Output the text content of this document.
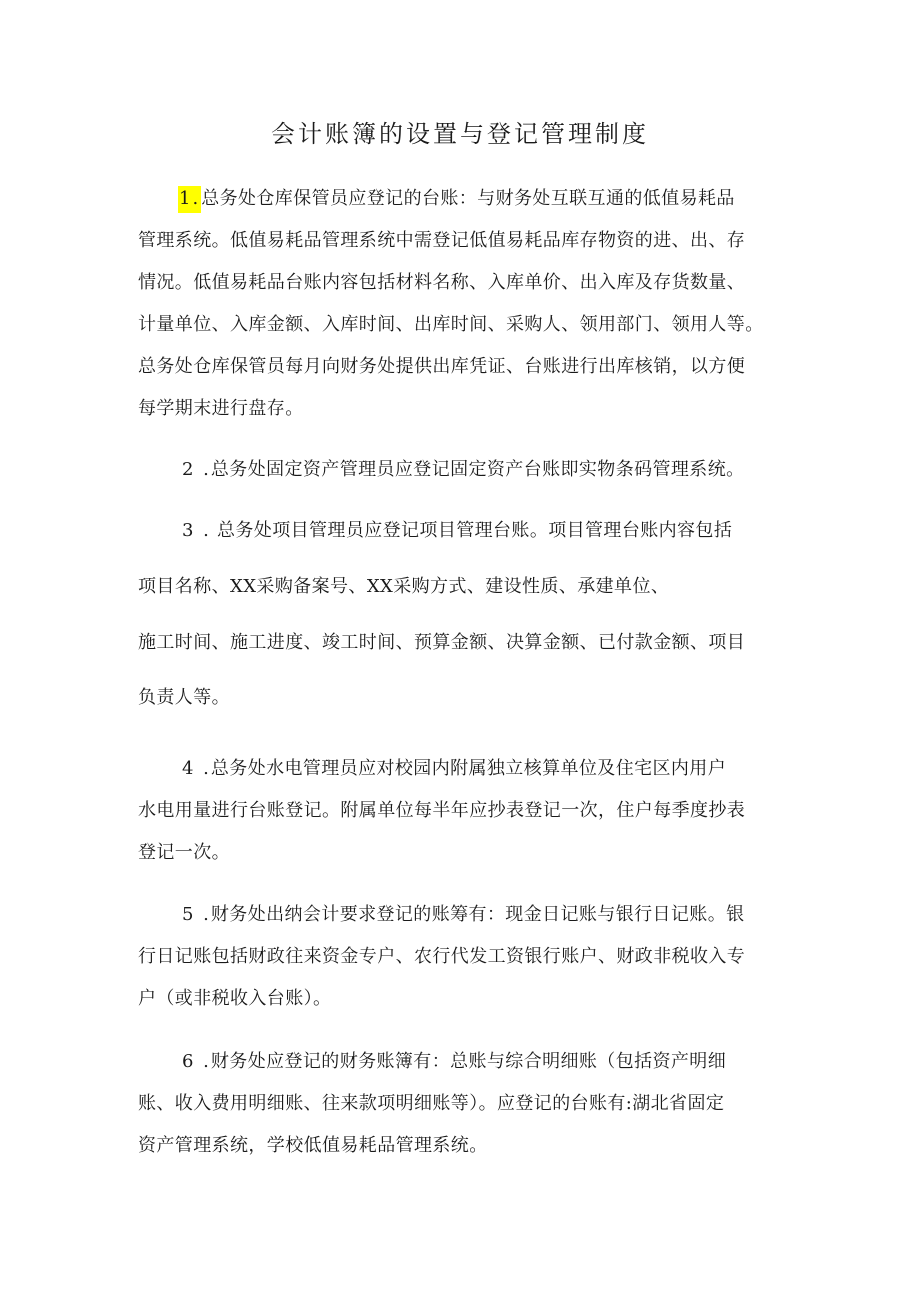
会计账簿的设置与登记管理制度
1.总务处仓库保管员应登记的台账：与财务处互联互通的低值易耗品
管理系统。低值易耗品管理系统中需登记低值易耗品库存物资的进、出、存
情况。低值易耗品台账内容包括材料名称、入库单价、出入库及存货数量、
计量单位、入库金额、入库时间、出库时间、采购人、领用部门、领用人等。
总务处仓库保管员每月向财务处提供出库凭证、台账进行出库核销，以方便
每学期末进行盘存。
2 .总务处固定资产管理员应登记固定资产台账即实物条码管理系统。
3 . 总务处项目管理员应登记项目管理台账。项目管理台账内容包括
项目名称、XX采购备案号、XX采购方式、建设性质、承建单位、
施工时间、施工进度、竣工时间、预算金额、决算金额、已付款金额、项目
负责人等。
4 .总务处水电管理员应对校园内附属独立核算单位及住宅区内用户
水电用量进行台账登记。附属单位每半年应抄表登记一次，住户每季度抄表
登记一次。
5 .财务处出纳会计要求登记的账筹有：现金日记账与银行日记账。银
行日记账包括财政往来资金专户、农行代发工资银行账户、财政非税收入专
户（或非税收入台账）。
6 .财务处应登记的财务账簿有：总账与综合明细账（包括资产明细
账、收入费用明细账、往来款项明细账等）。应登记的台账有:湖北省固定
资产管理系统，学校低值易耗品管理系统。
